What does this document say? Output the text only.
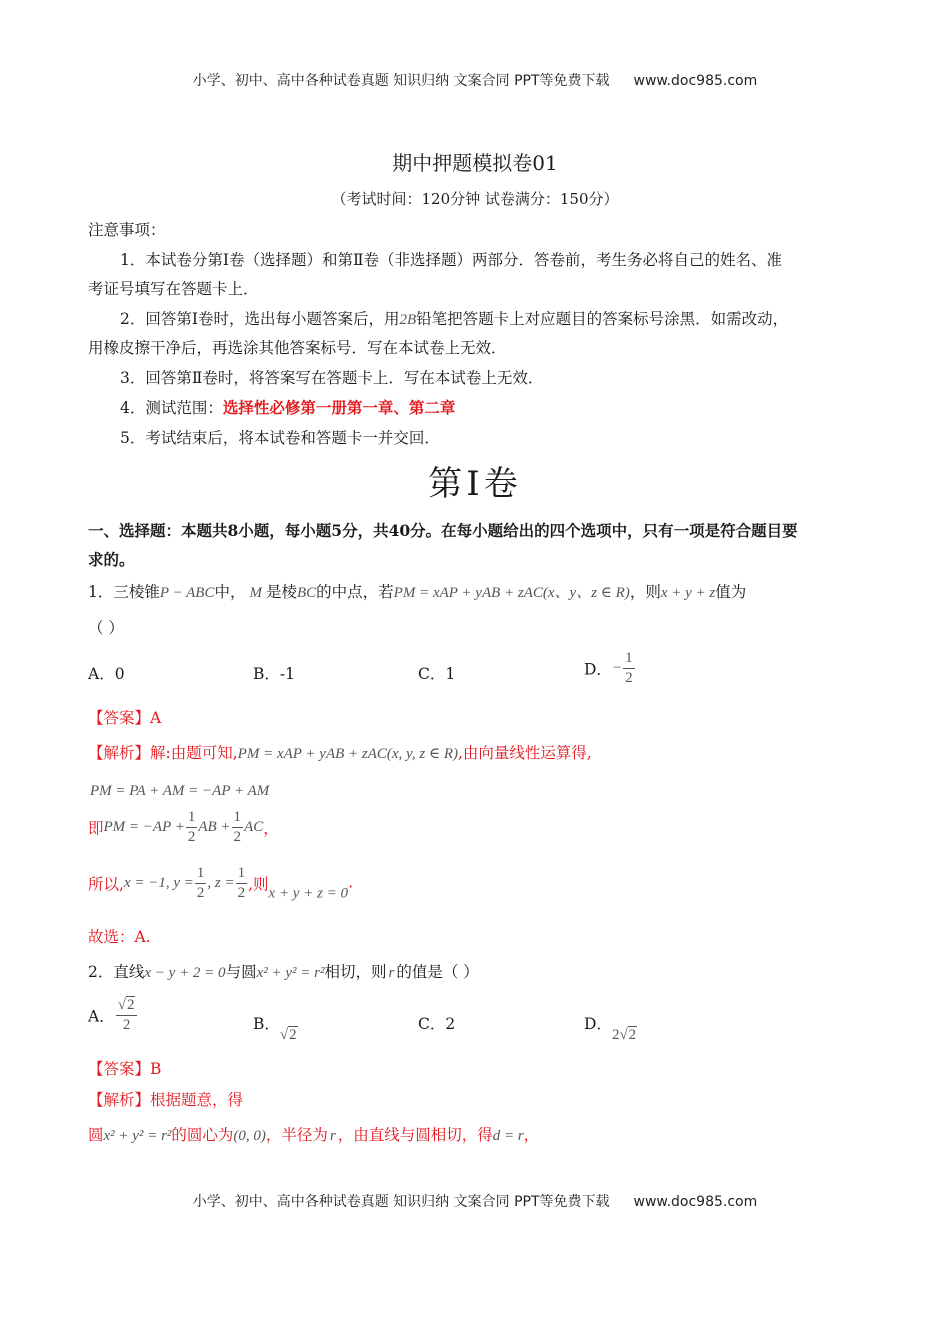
小学、初中、高中各种试卷真题 知识归纳 文案合同 PPT等免费下载 www.doc985.com
期中押题模拟卷01
（考试时间：120分钟 试卷满分：150分）
注意事项：
1．本试卷分第Ⅰ卷（选择题）和第Ⅱ卷（非选择题）两部分．答卷前，考生务必将自己的姓名、准
考证号填写在答题卡上．
2．回答第Ⅰ卷时，选出每小题答案后，用2B铅笔把答题卡上对应题目的答案标号涂黑．如需改动，
用橡皮擦干净后，再选涂其他答案标号．写在本试卷上无效．
3．回答第Ⅱ卷时，将答案写在答题卡上．写在本试卷上无效．
4．测试范围：选择性必修第一册第一章、第二章
5．考试结束后，将本试卷和答题卡一并交回．
第Ⅰ卷
一、选择题：本题共8小题，每小题5分，共40分。在每小题给出的四个选项中，只有一项是符合题目要
求的。
1．三棱锥P − ABC中， M 是棱BC的中点，若PM = xAP + yAB + zAC(x、y、z ∈ R)，则x + y + z值为
（ ）
A．0	B．-1	C．1	D．− $\frac{1}{2}$
【答案】A
【解析】解:由题可知,PM = xAP + yAB + zAC(x, y, z ∈ R),由向量线性运算得,
PM = PA + AM = −AP + AM
即PM = $-AP + \frac{1}{2}$ AB + $\frac{1}{2}$ AC，
所以,x = −1, $y = \frac{1}{2}$ , $z = \frac{1}{2}$ ,则x + y + z = 0.
故选：A.
2．直线x − y + 2 = 0与圆x² + y² = r²相切，则 r 的值是（ ）
A． $\frac{√2}{2}$	B．√2
C．2	D．2√2
【答案】B
【解析】根据题意，得
圆x² + y² = r²的圆心为(0, 0)，半径为 r ，由直线与圆相切，得d = r，
小学、初中、高中各种试卷真题 知识归纳 文案合同 PPT等免费下载 www.doc985.com
